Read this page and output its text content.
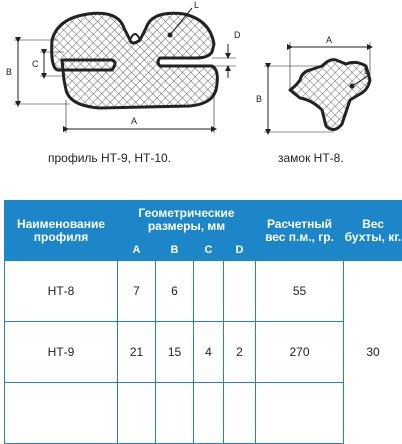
L
B
C
A
D
L
A
B
профиль НТ-9, НТ-10.	замок НТ-8.
Наименование профиля	Геометрические размеры, мм				Расчетный вес п.м., гр.	Вес бухты, кг.
	A	B	C	D		
НТ-8	7	6			55	30
НТ-9	21	15	4	2	270	
